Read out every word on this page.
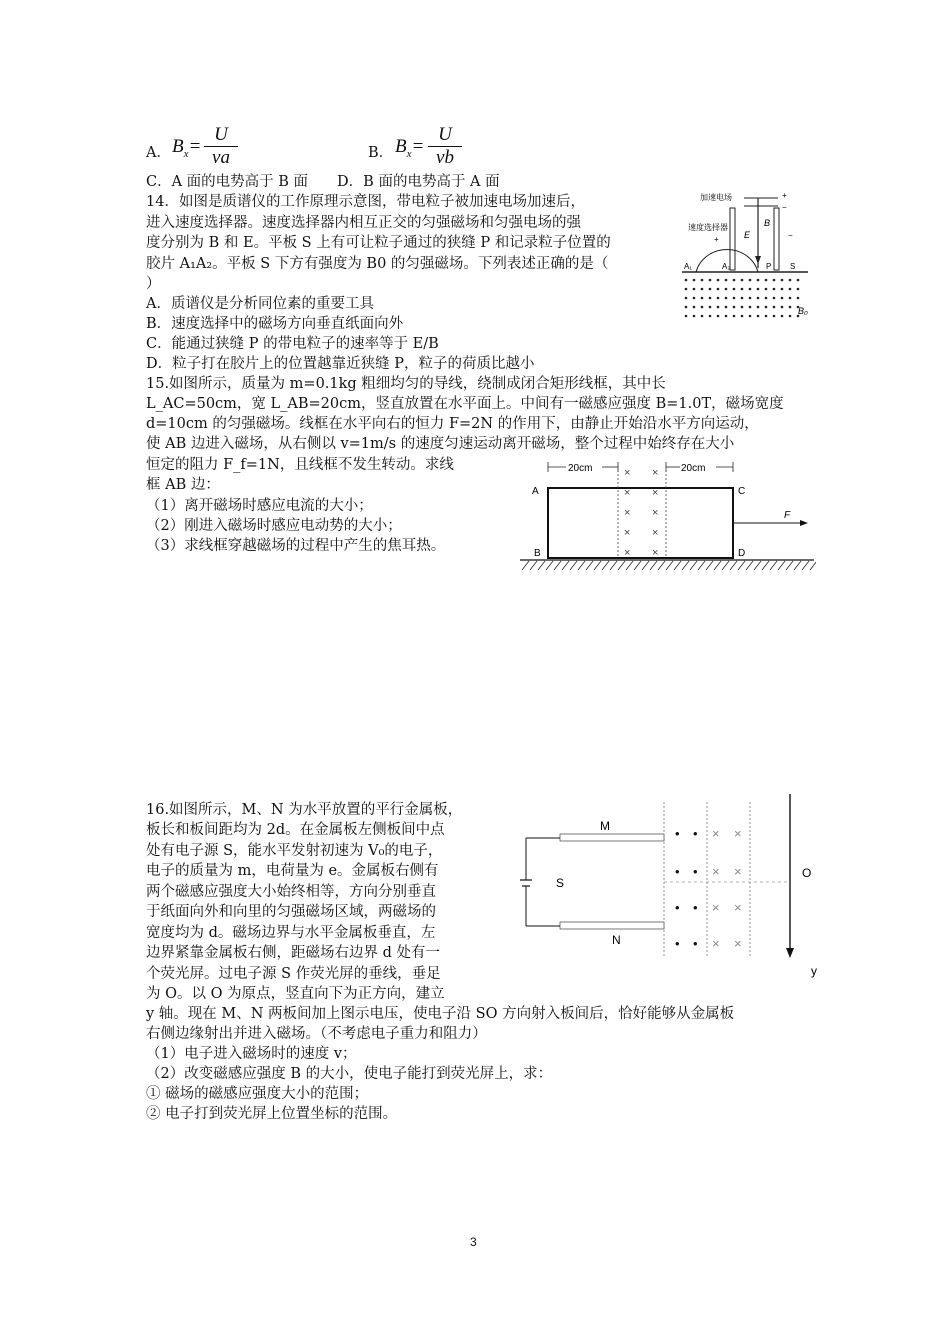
A． $B_x= \frac{U}{va}$	B． $B_x= \frac{U}{vb}$
C．A 面的电势高于 B 面　　D．B 面的电势高于 A 面
14．如图是质谱仪的工作原理示意图，带电粒子被加速电场加速后，
进入速度选择器。速度选择器内相互正交的匀强磁场和匀强电场的强
度分别为 B 和 E。平板 S 上有可让粒子通过的狭缝 P 和记录粒子位置的
胶片 A₁A₂。平板 S 下方有强度为 B0 的匀强磁场。下列表述正确的是（
）
A．质谱仪是分析同位素的重要工具
B．速度选择中的磁场方向垂直纸面向外
C．能通过狭缝 P 的带电粒子的速率等于 E/B
D．粒子打在胶片上的位置越靠近狭缝 P，粒子的荷质比越小
加速电场	+
−
速度选择器
+	−
E
B
A₁	A₂	P S
B₀
15.如图所示，质量为 m=0.1kg 粗细均匀的导线，绕制成闭合矩形线框，其中长
L_AC=50cm，宽 L_AB=20cm，竖直放置在水平面上。中间有一磁感应强度 B=1.0T，磁场宽度
d=10cm 的匀强磁场。线框在水平向右的恒力 F=2N 的作用下，由静止开始沿水平方向运动，
使 AB 边进入磁场，从右侧以 v=1m/s 的速度匀速运动离开磁场，整个过程中始终存在大小
恒定的阻力 F_f=1N，且线框不发生转动。求线
框 AB 边：
（1）离开磁场时感应电流的大小；
（2）刚进入磁场时感应电动势的大小；
（3）求线框穿越磁场的过程中产生的焦耳热。
20cm	20cm
×
×
×
×
×
×
×
×
×
×
A
B
C
D
F
16.如图所示，M、N 为水平放置的平行金属板，
板长和板间距均为 2d。在金属板左侧板间中点
处有电子源 S，能水平发射初速为 V₀的电子，
电子的质量为 m，电荷量为 e。金属板右侧有
两个磁感应强度大小始终相等，方向分别垂直
于纸面向外和向里的匀强磁场区域，两磁场的
宽度均为 d。磁场边界与水平金属板垂直，左
边界紧靠金属板右侧，距磁场右边界 d 处有一
个荧光屏。过电子源 S 作荧光屏的垂线，垂足
为 O。以 O 为原点，竖直向下为正方向，建立
y 轴。现在 M、N 两板间加上图示电压，使电子沿 SO 方向射入板间后，恰好能够从金属板
右侧边缘射出并进入磁场。（不考虑电子重力和阻力）
（1）电子进入磁场时的速度 v；
（2）改变磁感应强度 B 的大小，使电子能打到荧光屏上，求：
① 磁场的磁感应强度大小的范围；
② 电子打到荧光屏上位置坐标的范围。
M
N
S
• •
• •
• •
• •
× ×
× ×
× ×
× ×
O
y
3
